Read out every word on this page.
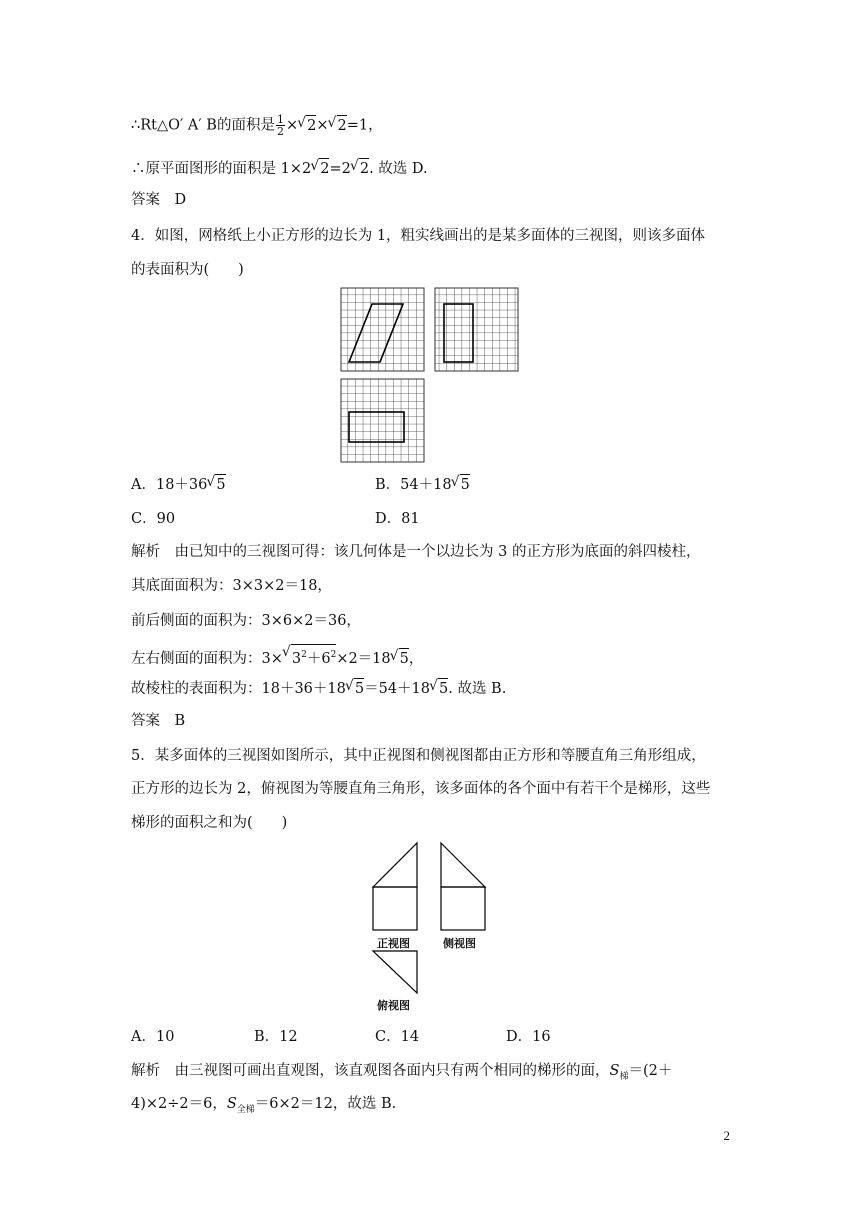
∴Rt△O′ A′ B的面积是 $\frac{1}{2}$ ×√ 2×√ 2=1，
∴原平面图形的面积是 1×2√ 2=2√ 2. 故选 D.
答案　D
4．如图，网格纸上小正方形的边长为 1，粗实线画出的是某多面体的三视图，则该多面体
的表面积为(　　)
A．18＋36√ 5	B．54＋18√ 5
C．90	D．81
解析　由已知中的三视图可得：该几何体是一个以边长为 3 的正方形为底面的斜四棱柱，
其底面面积为：3×3×2＝18，
前后侧面的面积为：3×6×2＝36，
左右侧面的面积为：3×√ $3^2+6^2\times 2=18√$ 5，
故棱柱的表面积为：18＋36＋18√ 5＝54＋18√ 5. 故选 B.
答案　B
5．某多面体的三视图如图所示，其中正视图和侧视图都由正方形和等腰直角三角形组成，
正方形的边长为 2，俯视图为等腰直角三角形，该多面体的各个面中有若干个是梯形，这些
梯形的面积之和为(　　)
正视图	侧视图
俯视图
A．10	B．12	C．14	D．16
解析　由三视图可画出直观图，该直观图各面内只有两个相同的梯形的面，$S_梯=(2+$
4)×2÷2＝6，$S_{全梯}=6\times 2=12$，故选 B.
2
